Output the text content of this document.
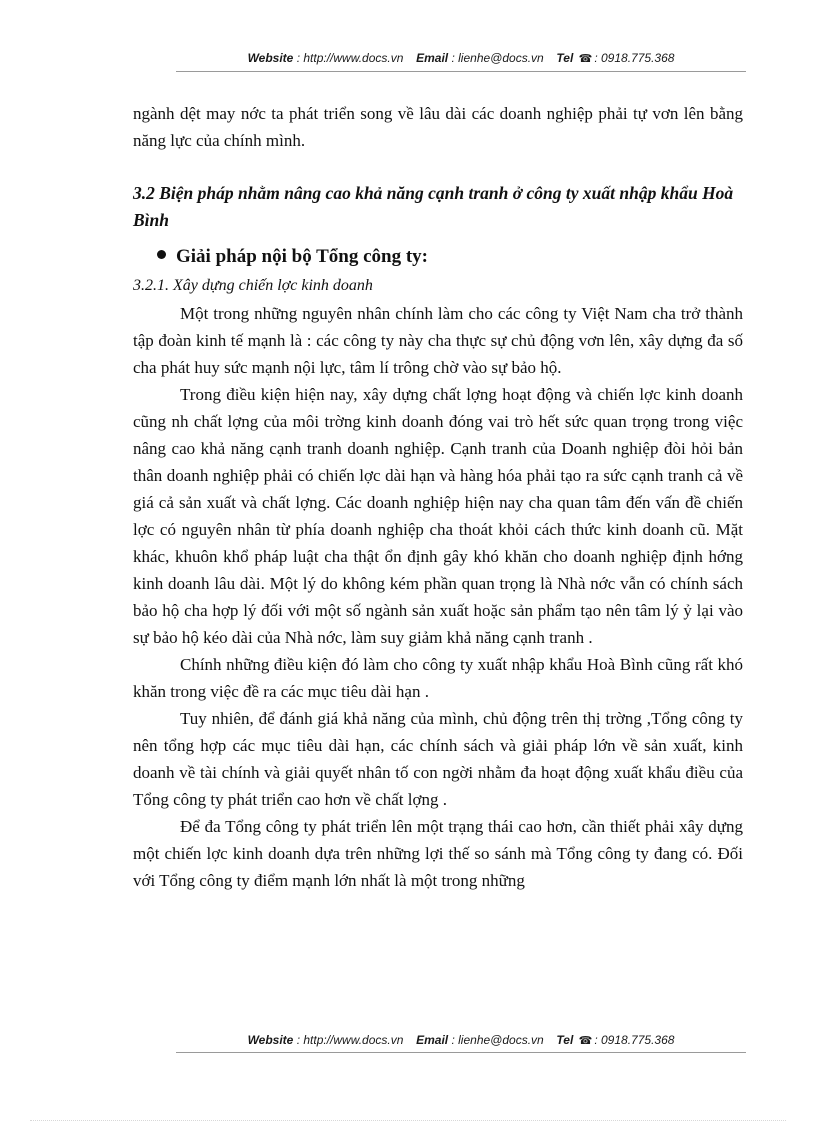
Website : http://www.docs.vn Email : lienhe@docs.vn Tel ☎ : 0918.775.368

ngành dệt may nớc ta phát triển song về lâu dài các doanh nghiệp phải tự vơn lên bằng năng lực của chính mình.

3.2 Biện pháp nhằm nâng cao khả năng cạnh tranh ở công ty xuất nhập khẩu Hoà Bình
Giải pháp nội bộ Tổng công ty:
3.2.1. Xây dựng chiến lợc kinh doanh

Một trong những nguyên nhân chính làm cho các công ty Việt Nam cha trở thành tập đoàn kinh tế mạnh là : các công ty này cha thực sự chủ động vơn lên, xây dựng đa số cha phát huy sức mạnh nội lực, tâm lí trông chờ vào sự bảo hộ.

Trong điều kiện hiện nay, xây dựng chất lợng hoạt động và chiến lợc kinh doanh cũng nh chất lợng của môi trờng kinh doanh đóng vai trò hết sức quan trọng trong việc nâng cao khả năng cạnh tranh doanh nghiệp. Cạnh tranh của Doanh nghiệp đòi hỏi bản thân doanh nghiệp phải có chiến lợc dài hạn và hàng hóa phải tạo ra sức cạnh tranh cả về giá cả sản xuất và chất lợng. Các doanh nghiệp hiện nay cha quan tâm đến vấn đề chiến lợc có nguyên nhân từ phía doanh nghiệp cha thoát khỏi cách thức kinh doanh cũ. Mặt khác, khuôn khổ pháp luật cha thật ổn định gây khó khăn cho doanh nghiệp định hớng kinh doanh lâu dài. Một lý do không kém phần quan trọng là Nhà nớc vẫn có chính sách bảo hộ cha hợp lý đối với một số ngành sản xuất hoặc sản phẩm tạo nên tâm lý ỷ lại vào sự bảo hộ kéo dài của Nhà nớc, làm suy giảm khả năng cạnh tranh .

Chính những điều kiện đó làm cho công ty xuất nhập khẩu Hoà Bình cũng rất khó khăn trong việc đề ra các mục tiêu dài hạn .

Tuy nhiên, để đánh giá khả năng của mình, chủ động trên thị trờng ,Tổng công ty nên tổng hợp các mục tiêu dài hạn, các chính sách và giải pháp lớn về sản xuất, kinh doanh về tài chính và giải quyết nhân tố con ngời nhằm đa hoạt động xuất khẩu điều của Tổng công ty phát triển cao hơn về chất lợng .

Để đa Tổng công ty phát triển lên một trạng thái cao hơn, cần thiết phải xây dựng một chiến lợc kinh doanh dựa trên những lợi thế so sánh mà Tổng công ty đang có. Đối với Tổng công ty điểm mạnh lớn nhất là một trong những

Website : http://www.docs.vn Email : lienhe@docs.vn Tel ☎ : 0918.775.368
